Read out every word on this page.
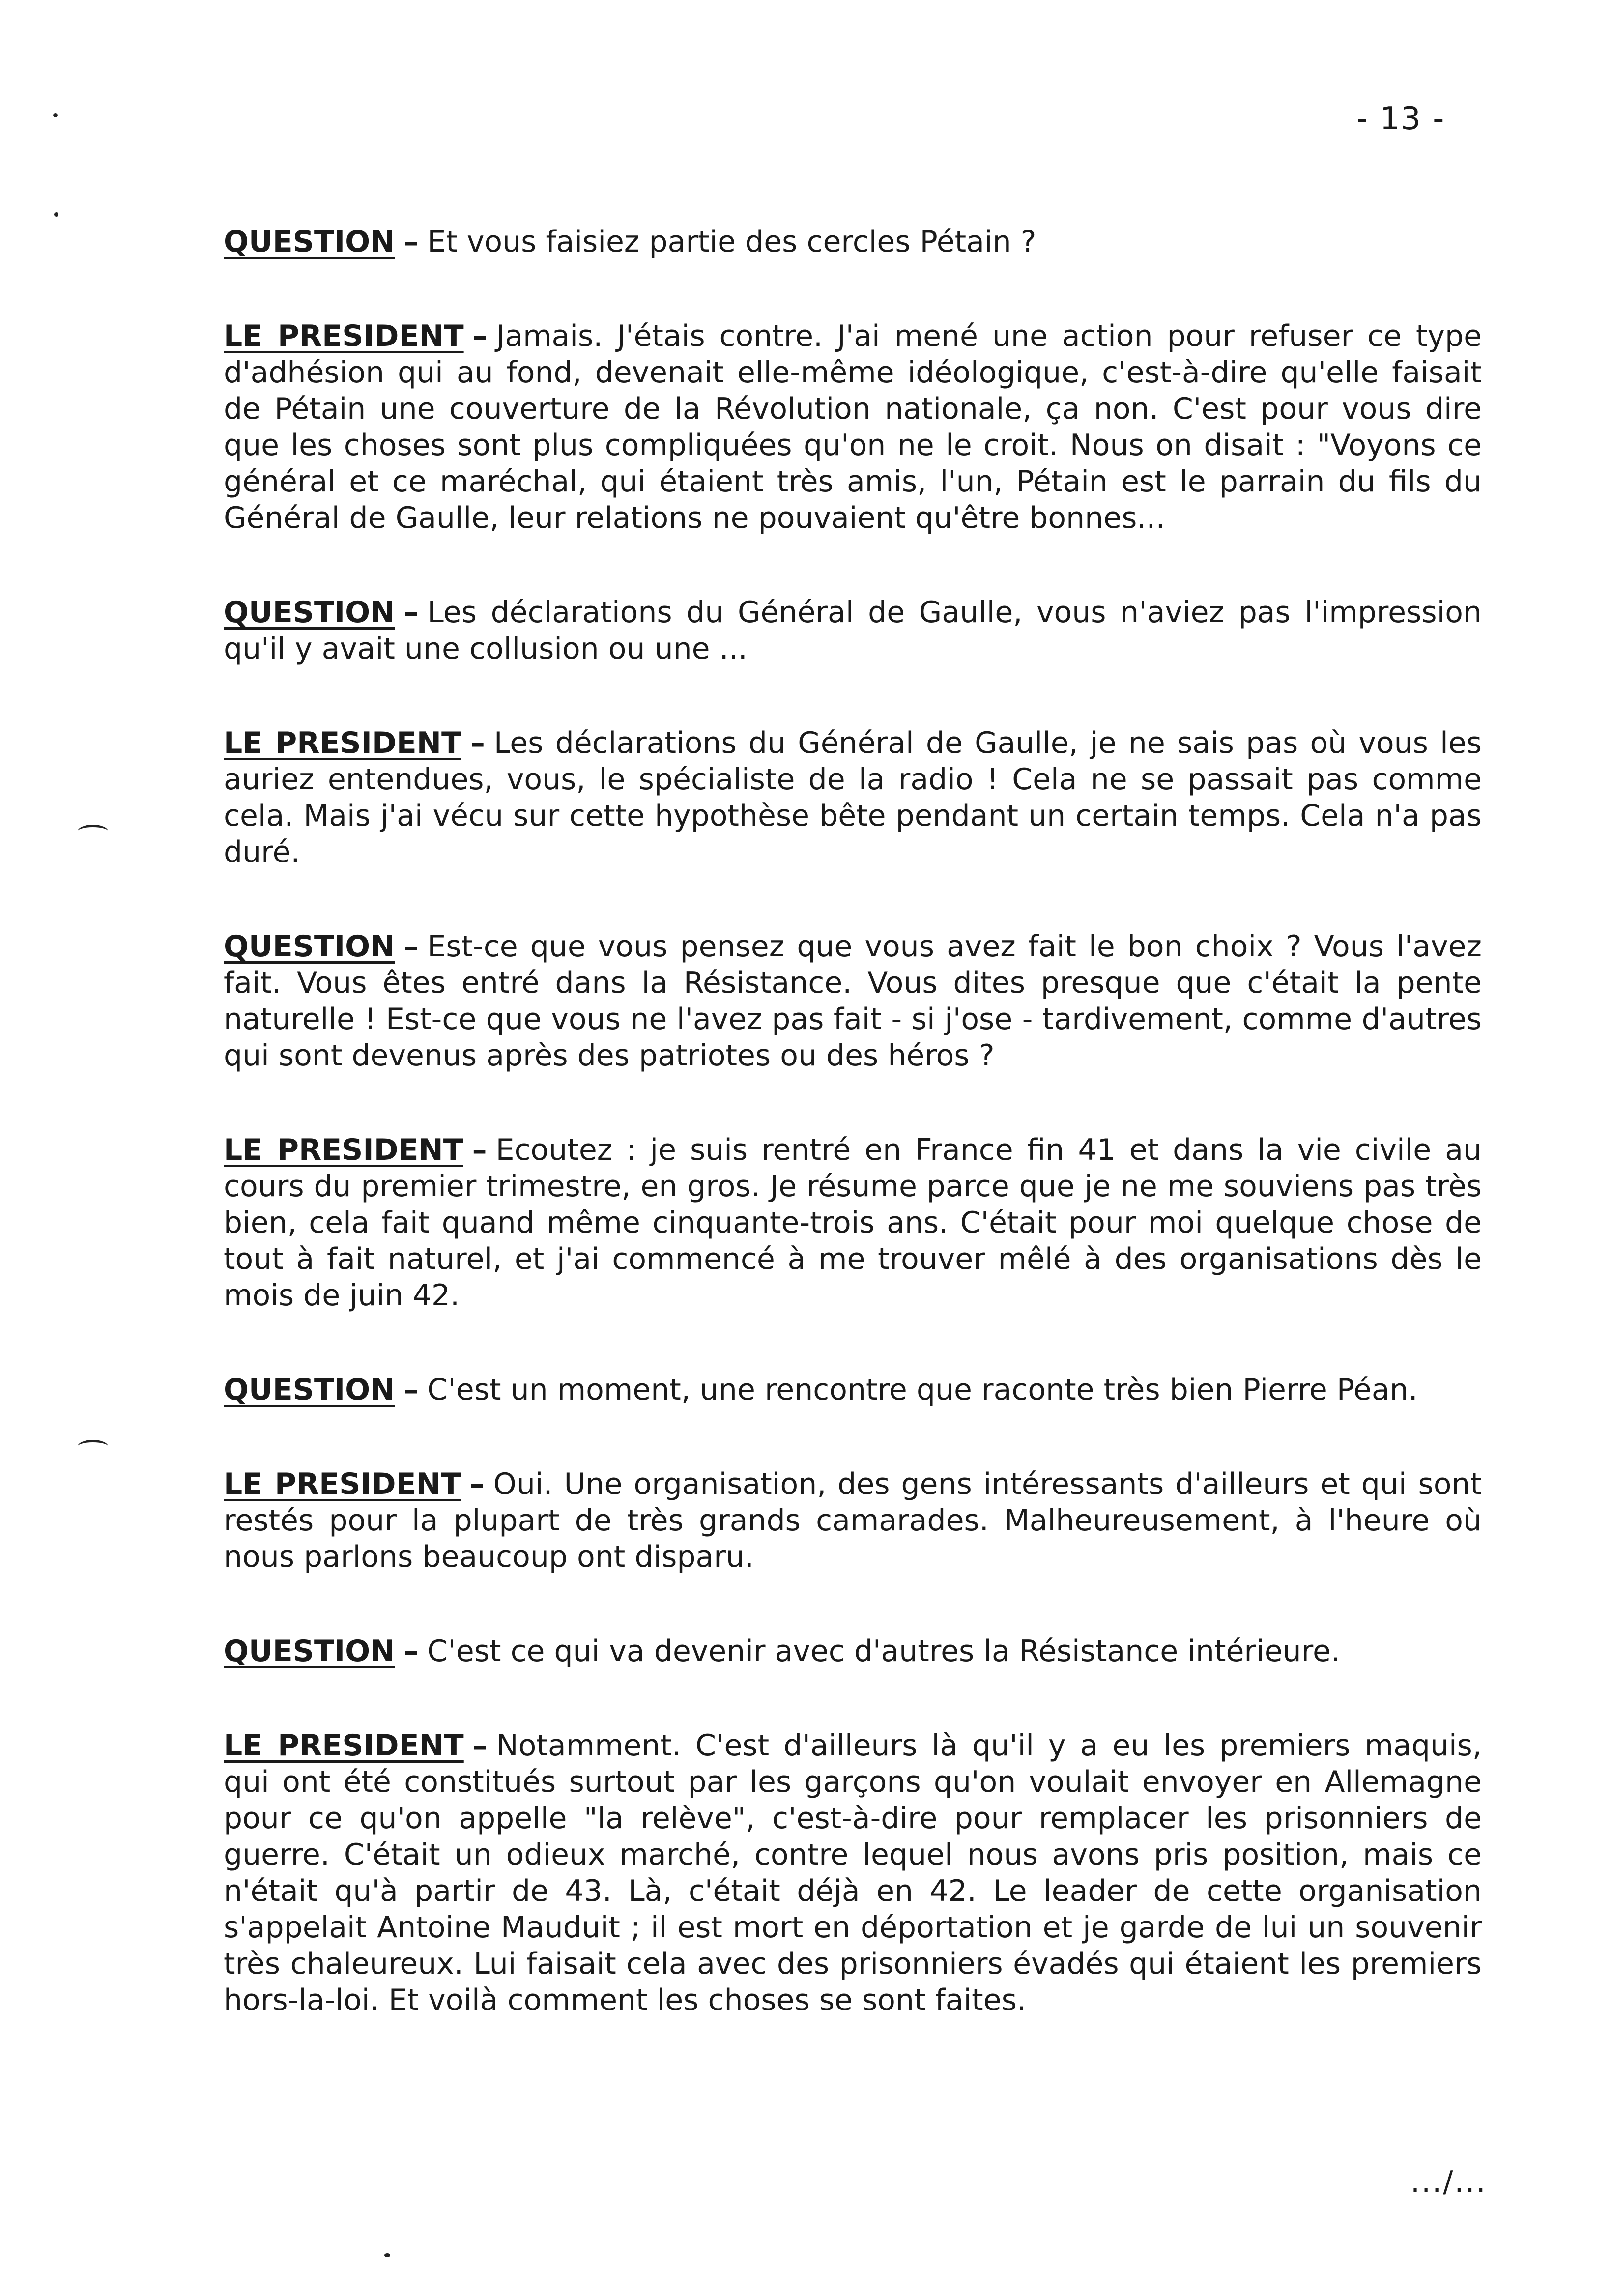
- 13 -

QUESTION – Et vous faisiez partie des cercles Pétain ?

LE PRESIDENT – Jamais. J'étais contre. J'ai mené une action pour refuser ce type d'adhésion qui au fond, devenait elle-même idéologique, c'est-à-dire qu'elle faisait de Pétain une couverture de la Révolution nationale, ça non. C'est pour vous dire que les choses sont plus compliquées qu'on ne le croit. Nous on disait : "Voyons ce général et ce maréchal, qui étaient très amis, l'un, Pétain est le parrain du fils du Général de Gaulle, leur relations ne pouvaient qu'être bonnes...

QUESTION – Les déclarations du Général de Gaulle, vous n'aviez pas l'impression qu'il y avait une collusion ou une ...

LE PRESIDENT – Les déclarations du Général de Gaulle, je ne sais pas où vous les auriez entendues, vous, le spécialiste de la radio ! Cela ne se passait pas comme cela. Mais j'ai vécu sur cette hypothèse bête pendant un certain temps. Cela n'a pas duré.

QUESTION – Est-ce que vous pensez que vous avez fait le bon choix ? Vous l'avez fait. Vous êtes entré dans la Résistance. Vous dites presque que c'était la pente naturelle ! Est-ce que vous ne l'avez pas fait - si j'ose - tardivement, comme d'autres qui sont devenus après des patriotes ou des héros ?

LE PRESIDENT – Ecoutez : je suis rentré en France fin 41 et dans la vie civile au cours du premier trimestre, en gros. Je résume parce que je ne me souviens pas très bien, cela fait quand même cinquante-trois ans. C'était pour moi quelque chose de tout à fait naturel, et j'ai commencé à me trouver mêlé à des organisations dès le mois de juin 42.

QUESTION – C'est un moment, une rencontre que raconte très bien Pierre Péan.

LE PRESIDENT – Oui. Une organisation, des gens intéressants d'ailleurs et qui sont restés pour la plupart de très grands camarades. Malheureusement, à l'heure où nous parlons beaucoup ont disparu.

QUESTION – C'est ce qui va devenir avec d'autres la Résistance intérieure.

LE PRESIDENT – Notamment. C'est d'ailleurs là qu'il y a eu les premiers maquis, qui ont été constitués surtout par les garçons qu'on voulait envoyer en Allemagne pour ce qu'on appelle "la relève", c'est-à-dire pour remplacer les prisonniers de guerre. C'était un odieux marché, contre lequel nous avons pris position, mais ce n'était qu'à partir de 43. Là, c'était déjà en 42. Le leader de cette organisation s'appelait Antoine Mauduit ; il est mort en déportation et je garde de lui un souvenir très chaleureux. Lui faisait cela avec des prisonniers évadés qui étaient les premiers hors-la-loi. Et voilà comment les choses se sont faites.

.../...
